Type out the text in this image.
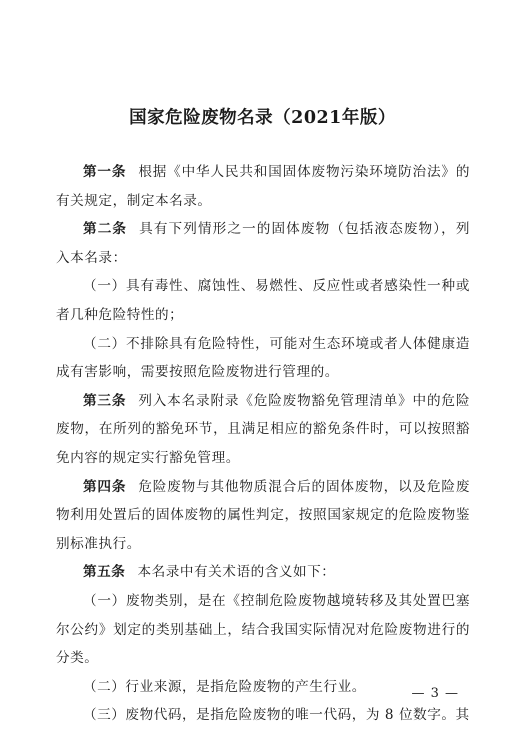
国家危险废物名录（2021年版）

第一条 根据《中华人民共和国固体废物污染环境防治法》的有关规定，制定本名录。

第二条 具有下列情形之一的固体废物（包括液态废物），列入本名录：

（一）具有毒性、腐蚀性、易燃性、反应性或者感染性一种或者几种危险特性的；

（二）不排除具有危险特性，可能对生态环境或者人体健康造成有害影响，需要按照危险废物进行管理的。

第三条 列入本名录附录《危险废物豁免管理清单》中的危险废物，在所列的豁免环节，且满足相应的豁免条件时，可以按照豁免内容的规定实行豁免管理。

第四条 危险废物与其他物质混合后的固体废物，以及危险废物利用处置后的固体废物的属性判定，按照国家规定的危险废物鉴别标准执行。

第五条 本名录中有关术语的含义如下：

（一）废物类别，是在《控制危险废物越境转移及其处置巴塞尔公约》划定的类别基础上，结合我国实际情况对危险废物进行的分类。

（二）行业来源，是指危险废物的产生行业。

（三）废物代码，是指危险废物的唯一代码，为 8 位数字。其

— 3 —
